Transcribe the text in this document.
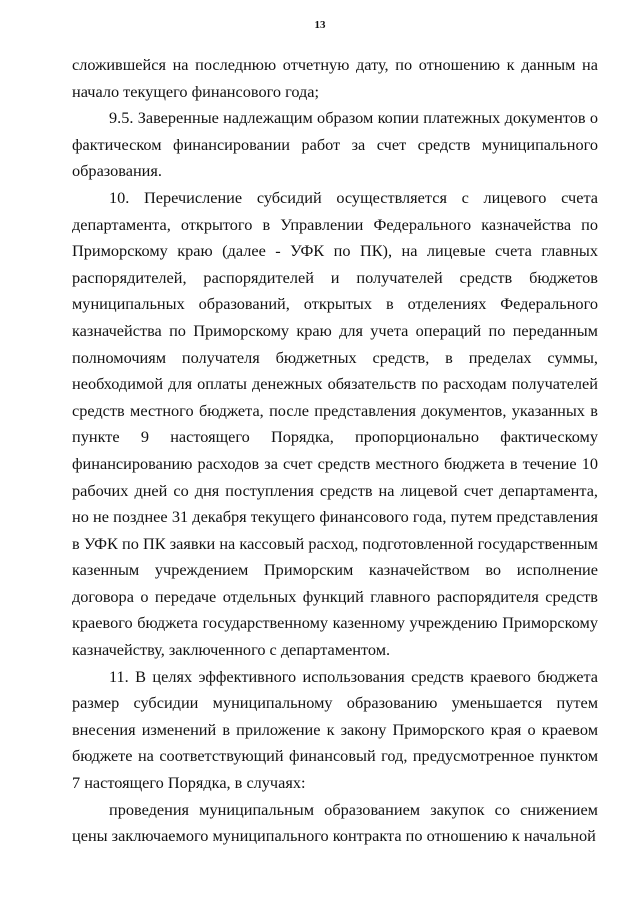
13

сложившейся на последнюю отчетную дату, по отношению к данным на начало текущего финансового года;

9.5. Заверенные надлежащим образом копии платежных документов о фактическом финансировании работ за счет средств муниципального образования.

10. Перечисление субсидий осуществляется с лицевого счета департамента, открытого в Управлении Федерального казначейства по Приморскому краю (далее - УФК по ПК), на лицевые счета главных распорядителей, распорядителей и получателей средств бюджетов муниципальных образований, открытых в отделениях Федерального казначейства по Приморскому краю для учета операций по переданным полномочиям получателя бюджетных средств, в пределах суммы, необходимой для оплаты денежных обязательств по расходам получателей средств местного бюджета, после представления документов, указанных в пункте 9 настоящего Порядка, пропорционально фактическому финансированию расходов за счет средств местного бюджета в течение 10 рабочих дней со дня поступления средств на лицевой счет департамента, но не позднее 31 декабря текущего финансового года, путем представления в УФК по ПК заявки на кассовый расход, подготовленной государственным казенным учреждением Приморским казначейством во исполнение договора о передаче отдельных функций главного распорядителя средств краевого бюджета государственному казенному учреждению Приморскому казначейству, заключенного с департаментом.

11. В целях эффективного использования средств краевого бюджета размер субсидии муниципальному образованию уменьшается путем внесения изменений в приложение к закону Приморского края о краевом бюджете на соответствующий финансовый год, предусмотренное пунктом 7 настоящего Порядка, в случаях:

проведения муниципальным образованием закупок со снижением цены заключаемого муниципального контракта по отношению к начальной
